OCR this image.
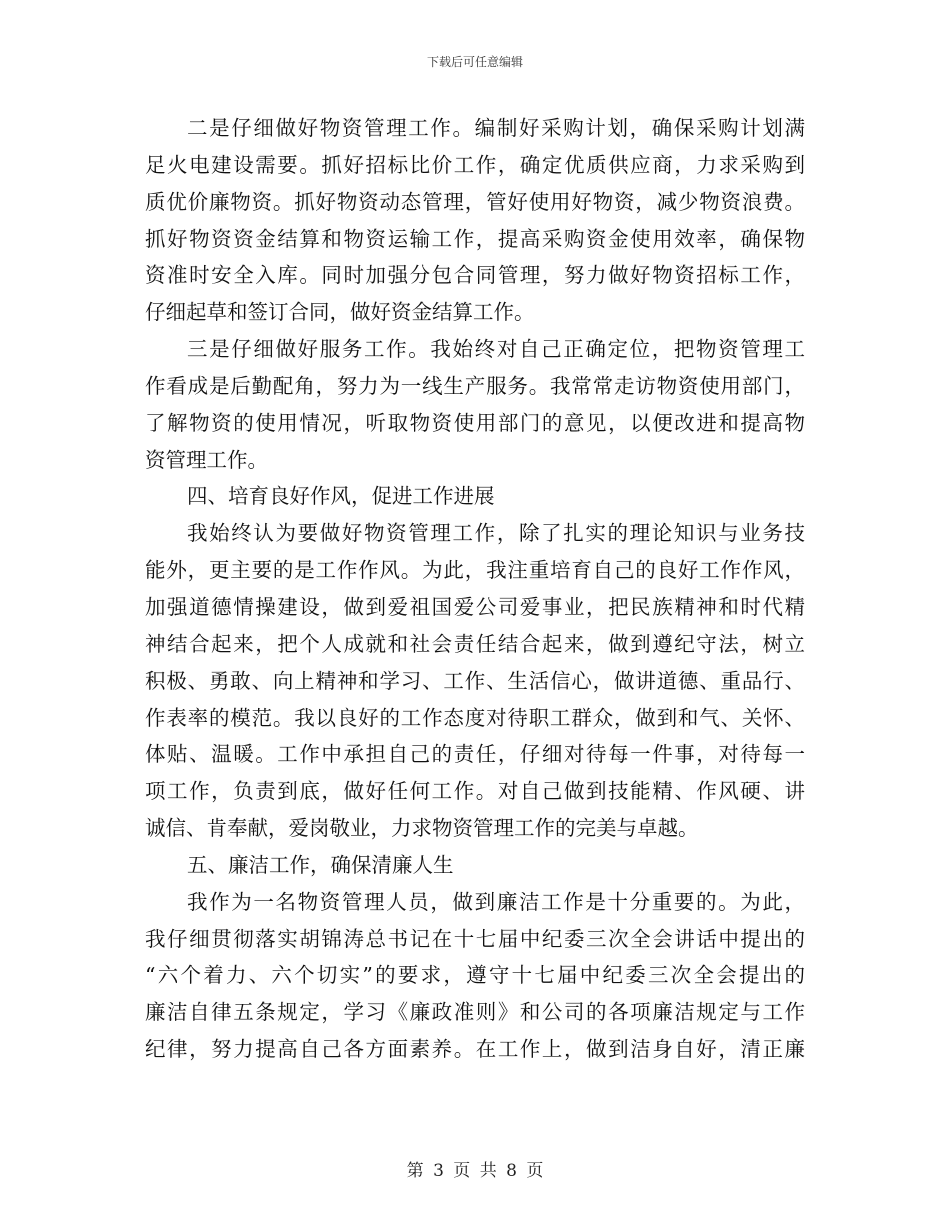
下载后可任意编辑
二是仔细做好物资管理工作。编制好采购计划，确保采购计划满
足火电建设需要。抓好招标比价工作，确定优质供应商，力求采购到
质优价廉物资。抓好物资动态管理，管好使用好物资，减少物资浪费。
抓好物资资金结算和物资运输工作，提高采购资金使用效率，确保物
资准时安全入库。同时加强分包合同管理，努力做好物资招标工作，
仔细起草和签订合同，做好资金结算工作。
三是仔细做好服务工作。我始终对自己正确定位，把物资管理工
作看成是后勤配角，努力为一线生产服务。我常常走访物资使用部门，
了解物资的使用情况，听取物资使用部门的意见，以便改进和提高物
资管理工作。
四、培育良好作风，促进工作进展
我始终认为要做好物资管理工作，除了扎实的理论知识与业务技
能外，更主要的是工作作风。为此，我注重培育自己的良好工作作风，
加强道德情操建设，做到爱祖国爱公司爱事业，把民族精神和时代精
神结合起来，把个人成就和社会责任结合起来，做到遵纪守法，树立
积极、勇敢、向上精神和学习、工作、生活信心，做讲道德、重品行、
作表率的模范。我以良好的工作态度对待职工群众，做到和气、关怀、
体贴、温暖。工作中承担自己的责任，仔细对待每一件事，对待每一
项工作，负责到底，做好任何工作。对自己做到技能精、作风硬、讲
诚信、肯奉献，爱岗敬业，力求物资管理工作的完美与卓越。
五、廉洁工作，确保清廉人生
我作为一名物资管理人员，做到廉洁工作是十分重要的。为此，
我仔细贯彻落实胡锦涛总书记在十七届中纪委三次全会讲话中提出的
“六个着力、六个切实”的要求，遵守十七届中纪委三次全会提出的
廉洁自律五条规定，学习《廉政准则》和公司的各项廉洁规定与工作
纪律，努力提高自己各方面素养。在工作上，做到洁身自好，清正廉
第 3 页 共 8 页
